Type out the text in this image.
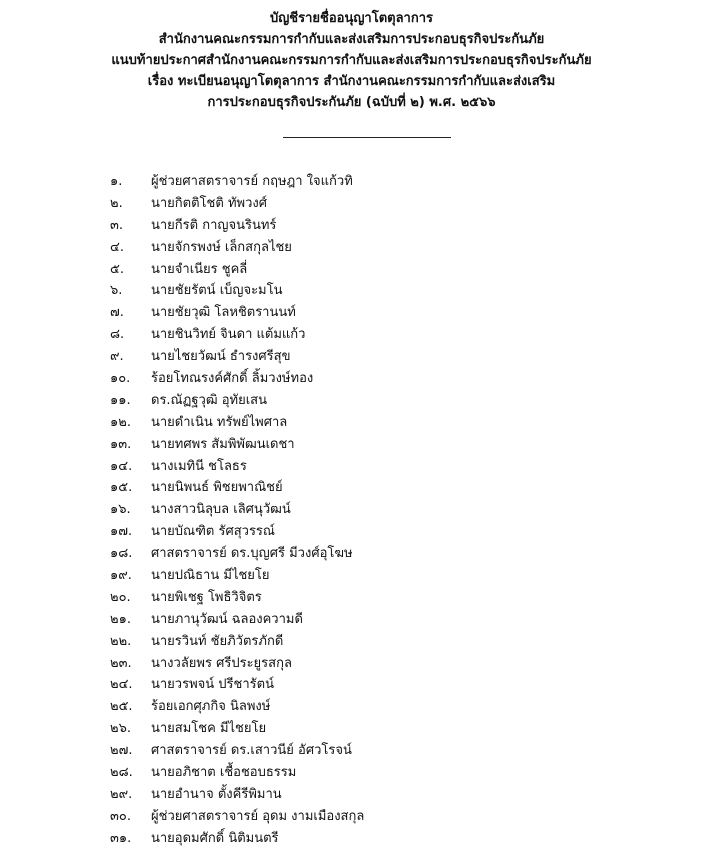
บัญชีรายชื่ออนุญาโตตุลาการ
สำนักงานคณะกรรมการกำกับและส่งเสริมการประกอบธุรกิจประกันภัย
แนบท้ายประกาศสำนักงานคณะกรรมการกำกับและส่งเสริมการประกอบธุรกิจประกันภัย
เรื่อง ทะเบียนอนุญาโตตุลาการ สำนักงานคณะกรรมการกำกับและส่งเสริม
การประกอบธุรกิจประกันภัย (ฉบับที่ ๒) พ.ศ. ๒๕๖๖
๑. ผู้ช่วยศาสตราจารย์ กฤษฎา ใจแก้วทิ
๒. นายกิตติโชติ ทัพวงศ์
๓. นายกีรติ กาญจนรินทร์
๔. นายจักรพงษ์ เล็กสกุลไชย
๕. นายจำเนียร ชูคลี่
๖. นายชัยรัตน์ เบ็ญจะมโน
๗. นายชัยวุฒิ โลหชิตรานนท์
๘. นายชินวิทย์ จินดา แต้มแก้ว
๙. นายไชยวัฒน์ ธำรงศรีสุข
๑๐. ร้อยโทณรงค์ศักดิ์ ลิ้มวงษ์ทอง
๑๑. ดร.ณัฏฐวุฒิ อุทัยเสน
๑๒. นายดำเนิน ทรัพย์ไพศาล
๑๓. นายทศพร สัมพิพัฒนเดชา
๑๔. นางเมทินี ชโลธร
๑๕. นายนิพนธ์ พิชยพาณิชย์
๑๖. นางสาวนิลุบล เลิศนุวัฒน์
๑๗. นายบัณฑิต รัศสุวรรณ์
๑๘. ศาสตราจารย์ ดร.บุญศรี มีวงศ์อุโฆษ
๑๙. นายปณิธาน มีไชยโย
๒๐. นายพิเชฐ โพธิวิจิตร
๒๑. นายภานุวัฒน์ ฉลองความดี
๒๒. นายรวินท์ ชัยภิวัตรภักดี
๒๓. นางวลัยพร ศรีประยูรสกุล
๒๔. นายวรพจน์ ปรีชารัตน์
๒๕. ร้อยเอกศุภกิจ นิลพงษ์
๒๖. นายสมโชค มีไชยโย
๒๗. ศาสตราจารย์ ดร.เสาวนีย์ อัศวโรจน์
๒๘. นายอภิชาต เชื้อชอบธรรม
๒๙. นายอำนาจ ตั้งคีรีพิมาน
๓๐. ผู้ช่วยศาสตราจารย์ อุดม งามเมืองสกุล
๓๑. นายอุดมศักดิ์ นิติมนตรี
